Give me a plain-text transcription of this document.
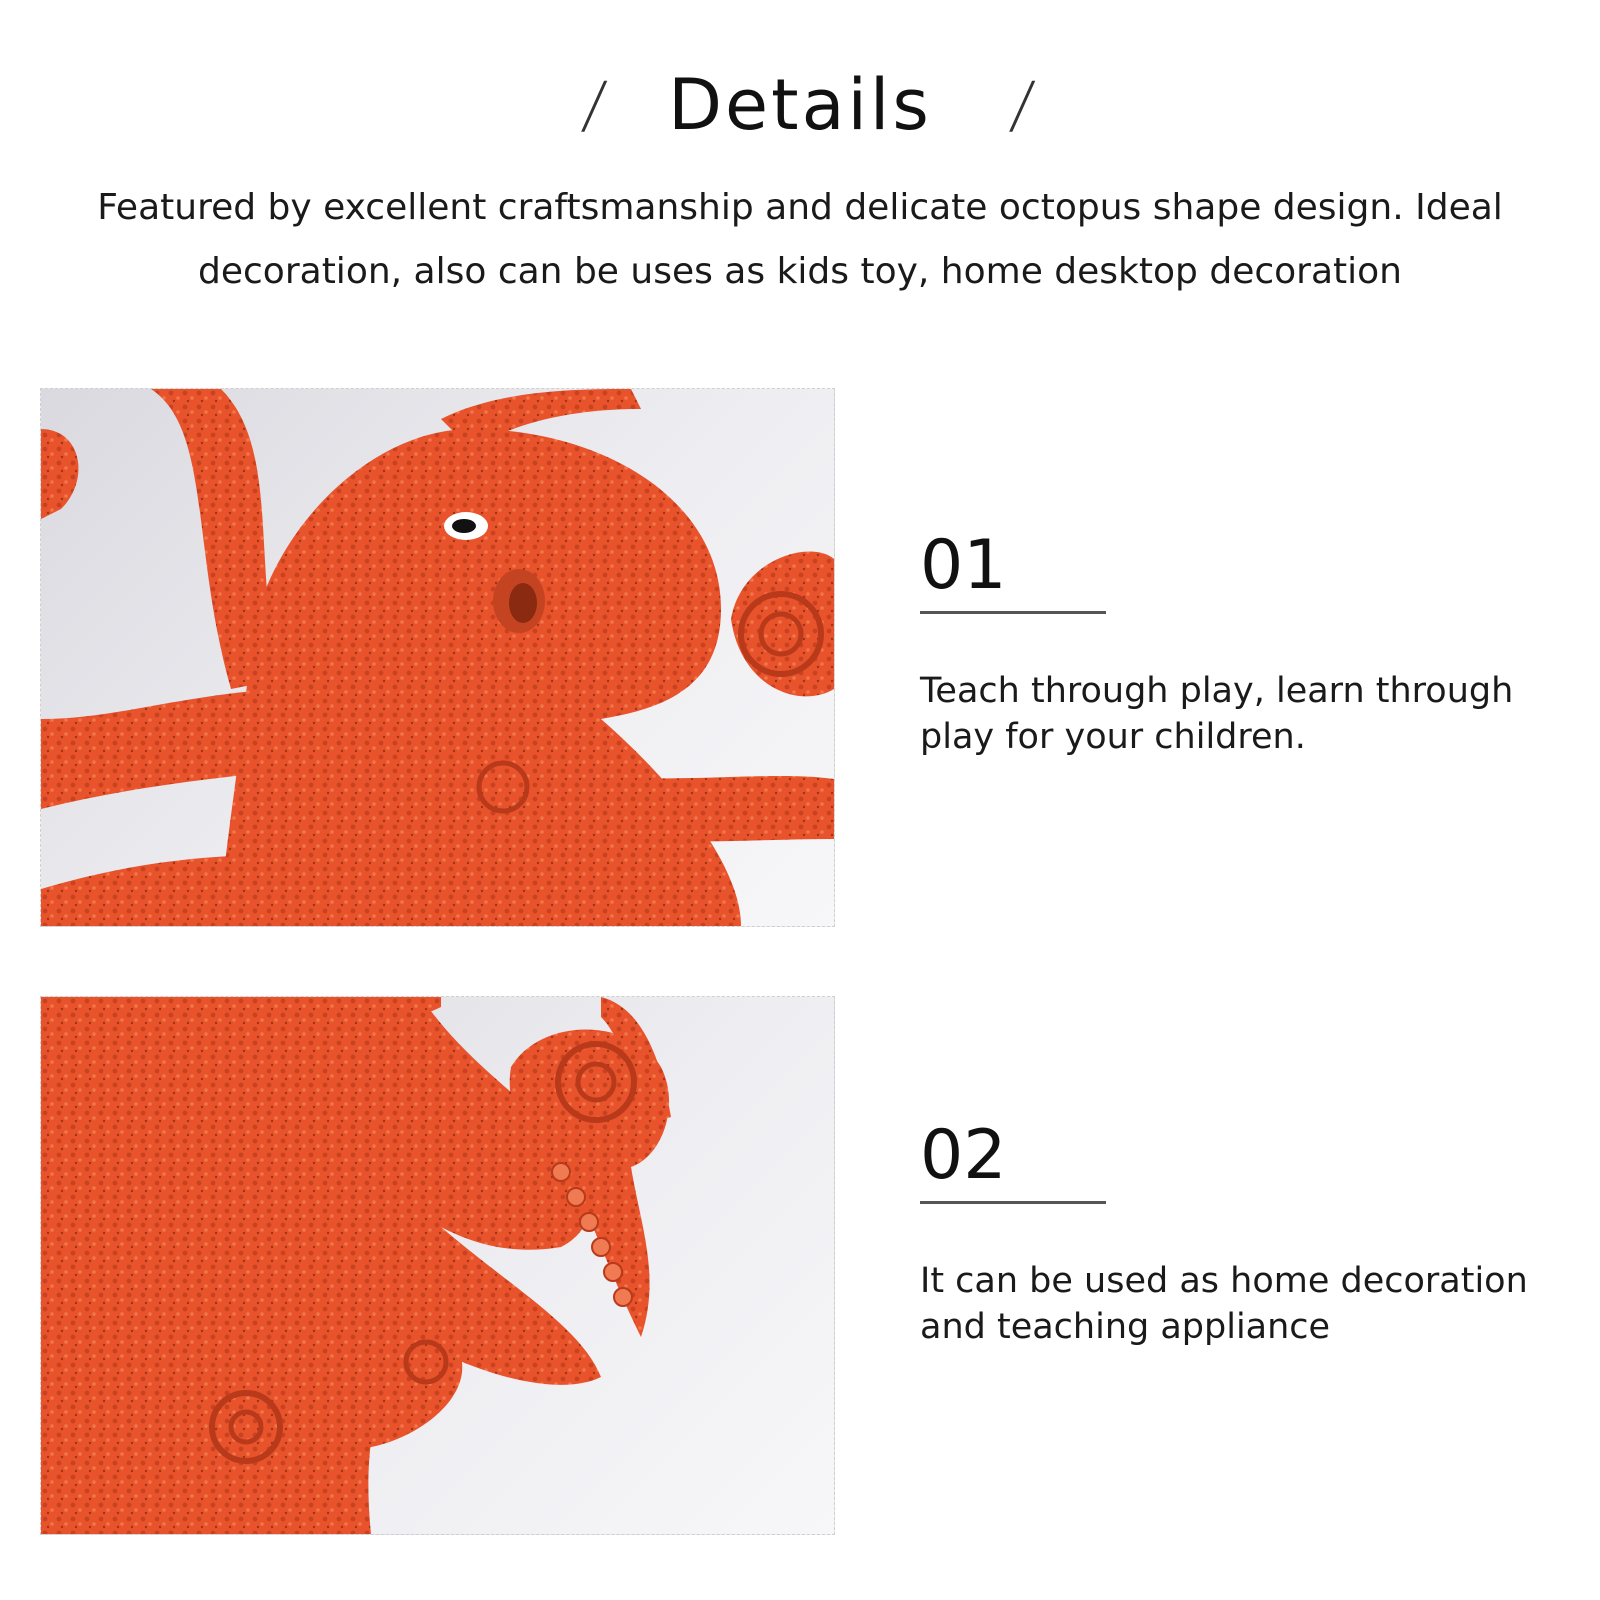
/ Details	/
Featured by excellent craftsmanship and delicate octopus shape design. Ideal decoration, also can be uses as kids toy, home desktop decoration
01
Teach through play, learn through play for your children.
02
It can be used as home decoration and teaching appliance
